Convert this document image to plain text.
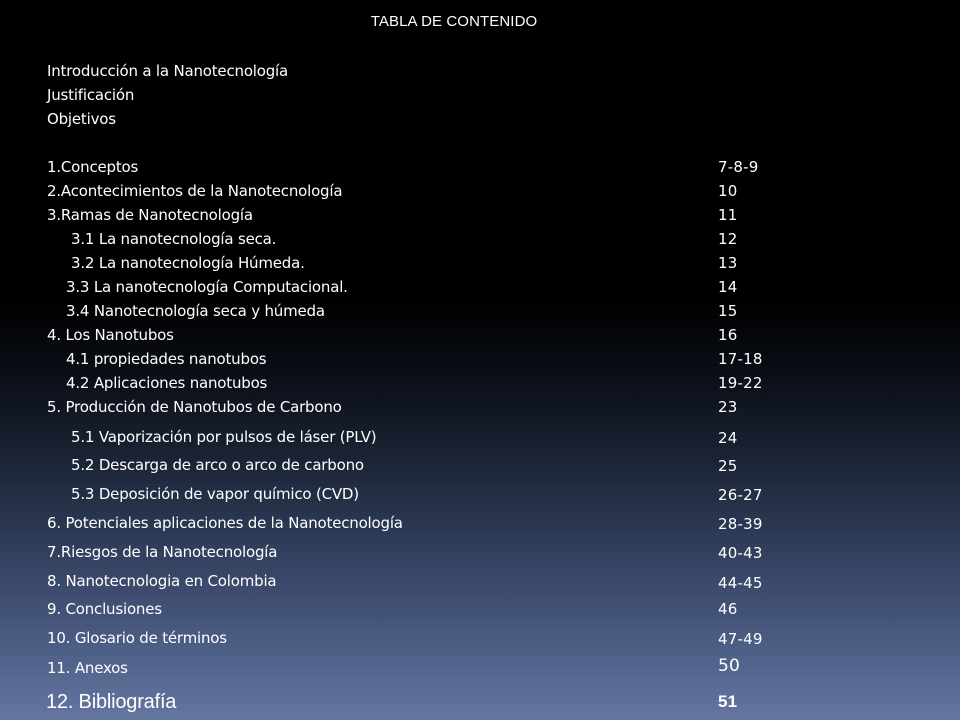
TABLA DE CONTENIDO
Introducción a la Nanotecnología
Justificación
Objetivos
1.Conceptos	7-8-9
2.Acontecimientos de la Nanotecnología	10
3.Ramas de Nanotecnología	11
3.1 La nanotecnología seca.	12
3.2 La nanotecnología Húmeda.	13
3.3 La nanotecnología Computacional.	14
3.4 Nanotecnología seca y húmeda	15
4. Los Nanotubos	16
4.1 propiedades nanotubos	17-18
4.2 Aplicaciones nanotubos	19-22
5. Producción de Nanotubos de Carbono	23
5.1 Vaporización por pulsos de láser (PLV)	24
5.2 Descarga de arco o arco de carbono	25
5.3 Deposición de vapor químico (CVD)	26-27
6. Potenciales aplicaciones de la Nanotecnología	28-39
7.Riesgos de la Nanotecnología	40-43
8. Nanotecnologia en Colombia	44-45
9. Conclusiones	46
10. Glosario de términos	47-49
11. Anexos	50
12. Bibliografía	51
